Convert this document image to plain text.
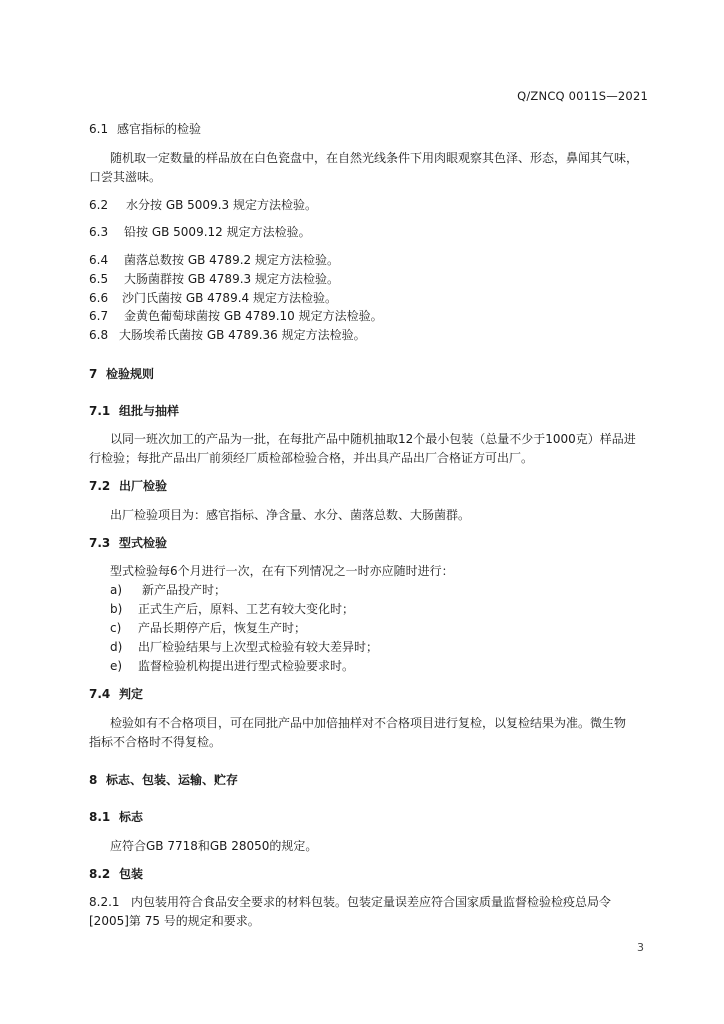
Q/ZNCQ 0011S—2021
6.1 感官指标的检验
随机取一定数量的样品放在白色瓷盘中，在自然光线条件下用肉眼观察其色泽、形态，鼻闻其气味，
口尝其滋味。
6.2 水分按 GB 5009.3 规定方法检验。
6.3 铅按 GB 5009.12 规定方法检验。
6.4 菌落总数按 GB 4789.2 规定方法检验。
6.5 大肠菌群按 GB 4789.3 规定方法检验。
6.6 沙门氏菌按 GB 4789.4 规定方法检验。
6.7 金黄色葡萄球菌按 GB 4789.10 规定方法检验。
6.8 大肠埃希氏菌按 GB 4789.36 规定方法检验。
7 检验规则
7.1 组批与抽样
以同一班次加工的产品为一批，在每批产品中随机抽取12个最小包装（总量不少于1000克）样品进
行检验；每批产品出厂前须经厂质检部检验合格，并出具产品出厂合格证方可出厂。
7.2 出厂检验
出厂检验项目为：感官指标、净含量、水分、菌落总数、大肠菌群。
7.3 型式检验
型式检验每6个月进行一次，在有下列情况之一时亦应随时进行：
a) 新产品投产时；
b) 正式生产后，原料、工艺有较大变化时；
c) 产品长期停产后，恢复生产时；
d) 出厂检验结果与上次型式检验有较大差异时；
e) 监督检验机构提出进行型式检验要求时。
7.4 判定
检验如有不合格项目，可在同批产品中加倍抽样对不合格项目进行复检，以复检结果为准。微生物
指标不合格时不得复检。
8 标志、包装、运输、贮存
8.1 标志
应符合GB 7718和GB 28050的规定。
8.2 包装
8.2.1 内包装用符合食品安全要求的材料包装。包装定量误差应符合国家质量监督检验检疫总局令
[2005]第 75 号的规定和要求。
3
